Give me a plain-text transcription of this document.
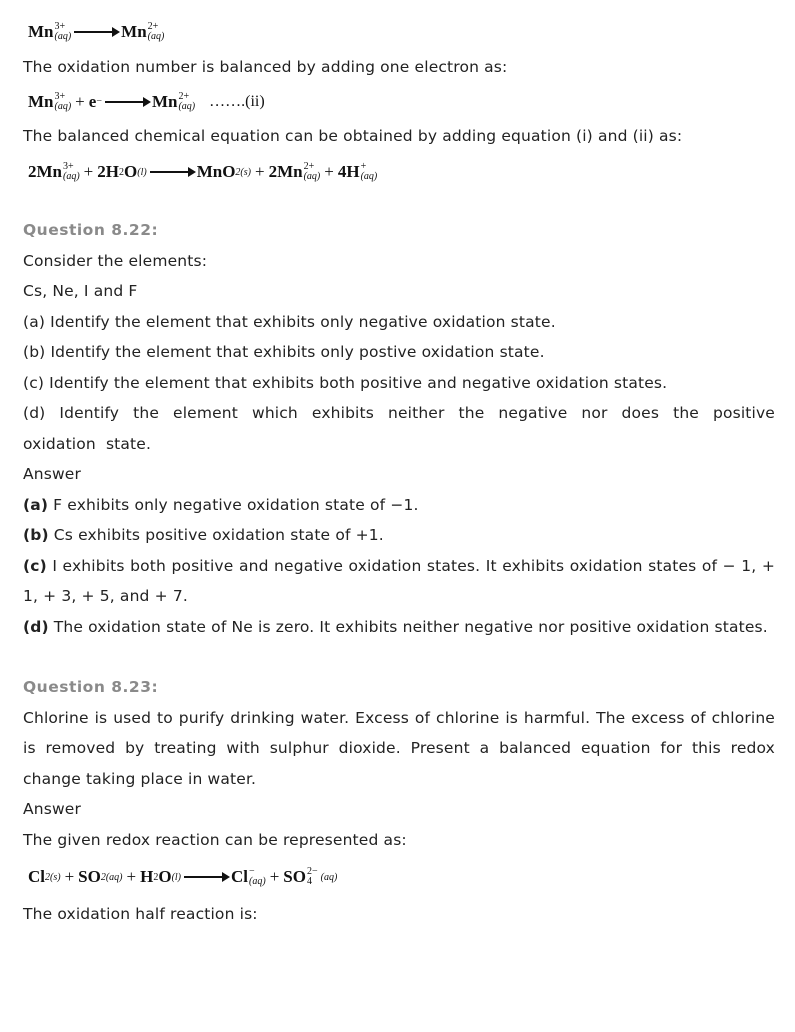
Mn 3+
(aq) → Mn 2+
(aq)

The oxidation number is balanced by adding one electron as:

Mn 3+
(aq) + e − → Mn 2+
(aq) …….(ii)

The balanced chemical equation can be obtained by adding equation (i) and (ii) as:

2Mn 3+
(aq) + 2H 2 O (l) → MnO 2(s) + 2Mn 2+
(aq) + 4H +
(aq)
Question 8.22:

Consider the elements:

Cs, Ne, I and F

(a) Identify the element that exhibits only negative oxidation state.

(b) Identify the element that exhibits only postive oxidation state.

(c) Identify the element that exhibits both positive and negative oxidation states.

(d) Identify the element which exhibits neither the negative nor does the positive oxidation state.

Answer

(a) F exhibits only negative oxidation state of −1.

(b) Cs exhibits positive oxidation state of +1.

(c) I exhibits both positive and negative oxidation states. It exhibits oxidation states of − 1, + 1, + 3, + 5, and + 7.

(d) The oxidation state of Ne is zero. It exhibits neither negative nor positive oxidation states.

Question 8.23:

Chlorine is used to purify drinking water. Excess of chlorine is harmful. The excess of chlorine is removed by treating with sulphur dioxide. Present a balanced equation for this redox change taking place in water.

Answer

The given redox reaction can be represented as:

Cl 2(s) + SO 2(aq) + H 2 O (l) → Cl −
(aq) + SO 2−
4 (aq)

The oxidation half reaction is:
